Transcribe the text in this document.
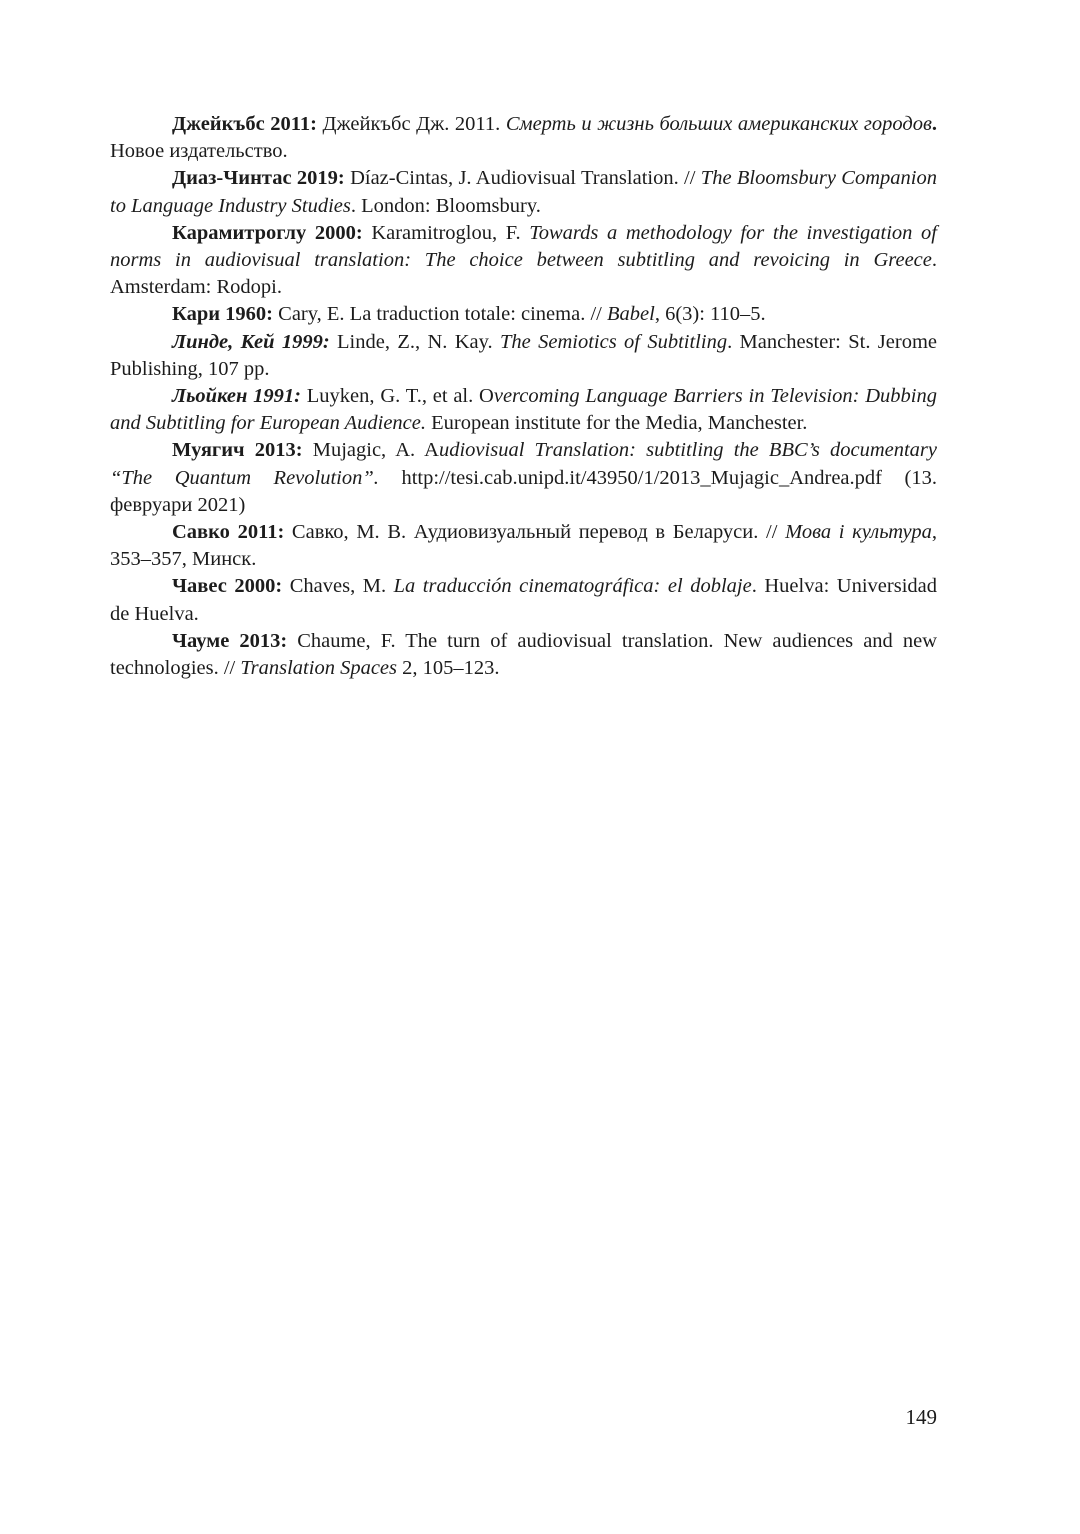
Джейкъбс 2011: Джейкъбс Дж. 2011. Смерть и жизнь больших американских городов. Новое издательство.

Диаз-Чинтас 2019: Díaz-Cintas, J. Audiovisual Translation. // The Bloomsbury Companion to Language Industry Studies. London: Bloomsbury.

Карамитроглу 2000: Karamitroglou, F. Towards a methodology for the investigation of norms in audiovisual translation: The choice between subtitling and revoicing in Greece. Amsterdam: Rodopi.

Кари 1960: Cary, E. La traduction totale: cinema. // Babel, 6(3): 110–5.

Линде, Кей 1999: Linde, Z., N. Kay. The Semiotics of Subtitling. Manchester: St. Jerome Publishing, 107 pp.

Льойкен 1991: Luyken, G. T., et al. Overcoming Language Barriers in Television: Dubbing and Subtitling for European Audience. European institute for the Media, Manchester.

Муягич 2013: Mujagic, A. Audiovisual Translation: subtitling the BBC’s documentary “The Quantum Revolution”. http://tesi.cab.unipd.it/43950/1/2013_Mujagic_Andrea.​pdf (13. февруари 2021)

Савко 2011: Савко, М. В. Аудиовизуальный перевод в Беларуси. // Мова і культура, 353–357, Минск.

Чавес 2000: Chaves, M. La traducción cinematográfica: el doblaje. Huelva: Universidad de Huelva.

Чауме 2013: Chaume, F. The turn of audiovisual translation. New audiences and new technologies. // Translation Spaces 2, 105–123.

149
